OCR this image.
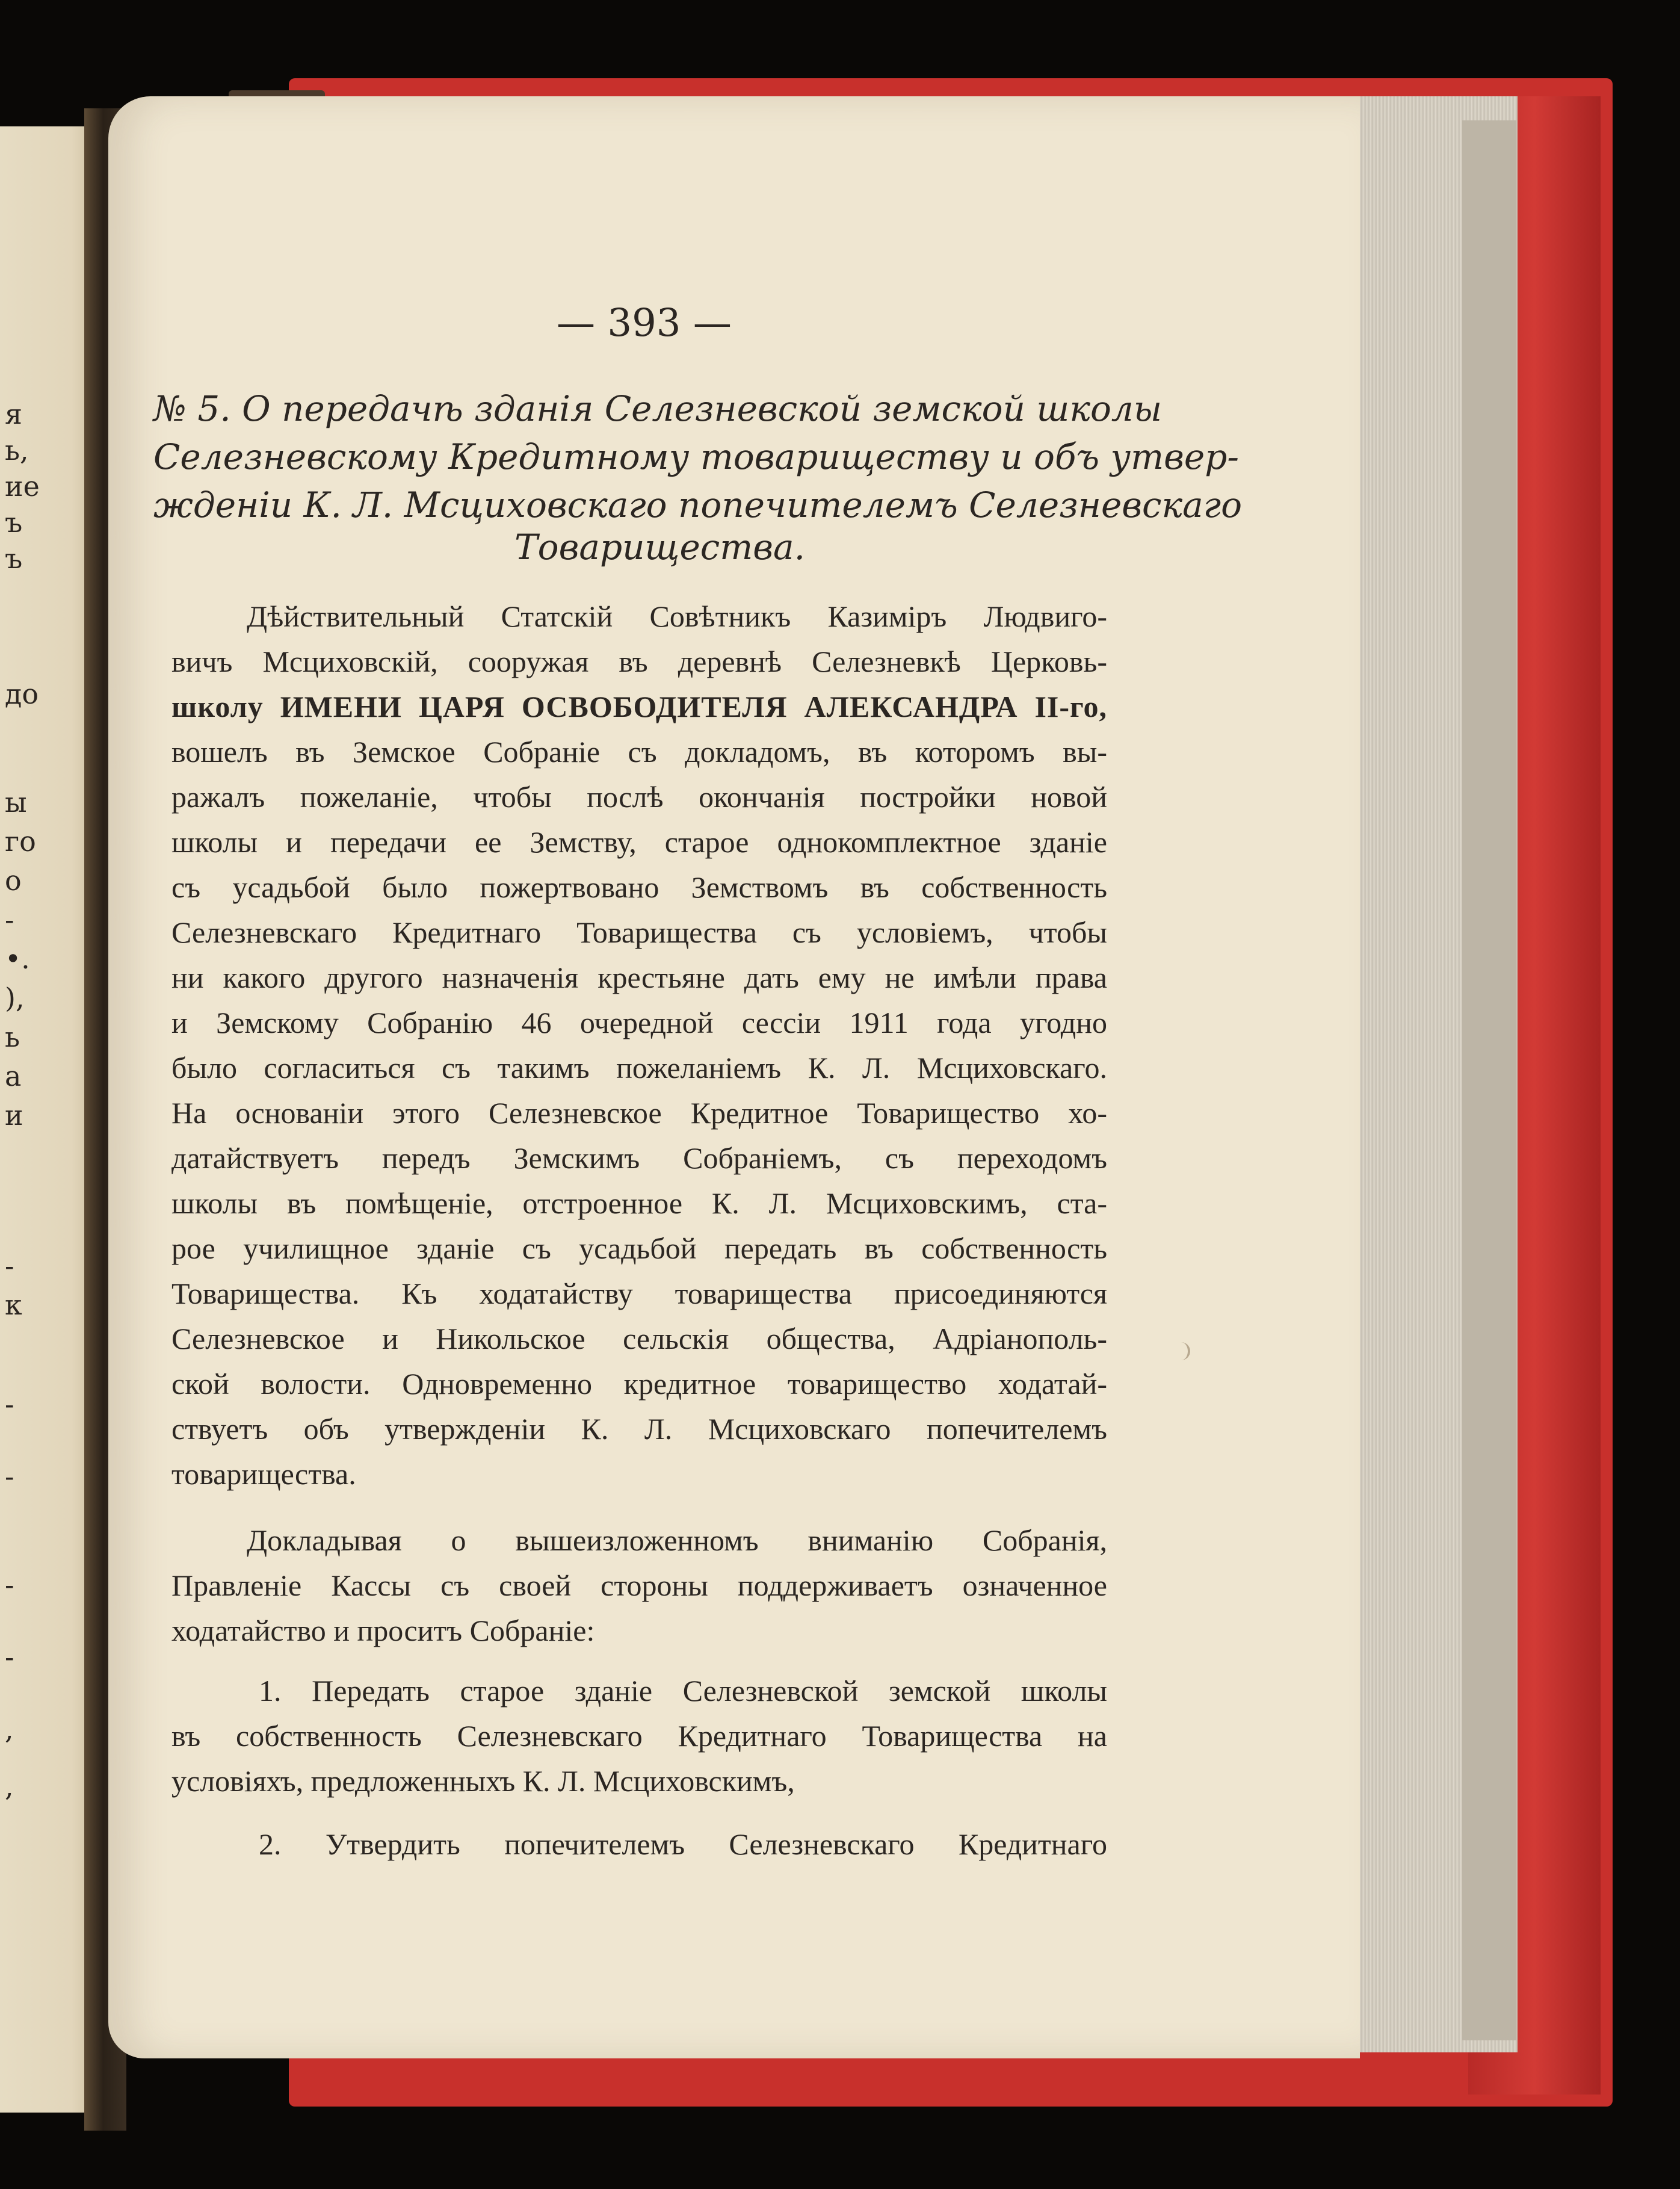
я
ь,
ие
ъ
ъ
до
ы
го
о
-
•.
),
ь
а
и
-
к
-
-
-
-
,
,
— 393 —
№ 5. О передачѣ зданія Селезневской земской школы
Селезневскому Кредитному товариществу и объ утвер-
жденіи К. Л. Мсциховскаго попечителемъ Селезневскаго
Товарищества.
Дѣйствительный Статскій Совѣтникъ Казиміръ Людвиго-
вичъ Мсциховскій, сооружая въ деревнѣ Селезневкѣ Церковь-
школу ИМЕНИ ЦАРЯ ОСВОБОДИТЕЛЯ АЛЕКСАНДРА II-го,
вошелъ въ Земское Собраніе съ докладомъ, въ которомъ вы-
ражалъ пожеланіе, чтобы послѣ окончанія постройки новой
школы и передачи ее Земству, старое однокомплектное зданіе
съ усадьбой было пожертвовано Земствомъ въ собственность
Селезневскаго Кредитнаго Товарищества съ условіемъ, чтобы
ни какого другого назначенія крестьяне дать ему не имѣли права
и Земскому Собранію 46 очередной сессіи 1911 года угодно
было согласиться съ такимъ пожеланіемъ К. Л. Мсциховскаго.
На основаніи этого Селезневское Кредитное Товарищество хо-
датайствуетъ передъ Земскимъ Собраніемъ, съ переходомъ
школы въ помѣщеніе, отстроенное К. Л. Мсциховскимъ, ста-
рое училищное зданіе съ усадьбой передать въ собственность
Товарищества. Къ ходатайству товарищества присоединяются
Селезневское и Никольское сельскія общества, Адріанополь-
ской волости. Одновременно кредитное товарищество ходатай-
ствуетъ объ утвержденіи К. Л. Мсциховскаго попечителемъ
товарищества.
Докладывая о вышеизложенномъ вниманію Собранія,
Правленіе Кассы съ своей стороны поддерживаетъ означенное
ходатайство и проситъ Собраніе:
1. Передать старое зданіе Селезневской земской школы
въ собственность Селезневскаго Кредитнаго Товарищества на
условіяхъ, предложенныхъ К. Л. Мсциховскимъ,
2. Утвердить попечителемъ Селезневскаго Кредитнаго
